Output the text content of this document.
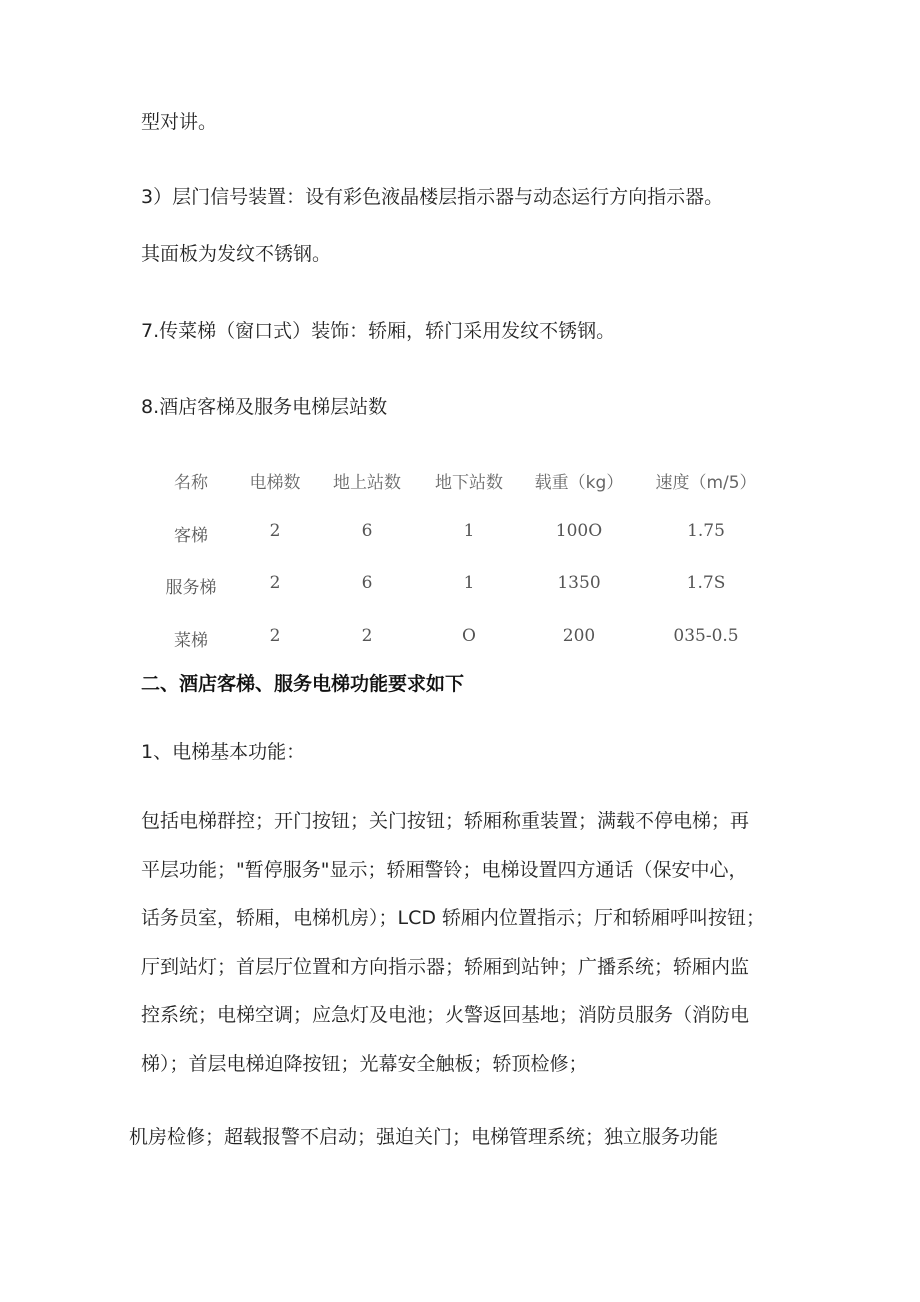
型对讲。
3）层门信号装置：设有彩色液晶楼层指示器与动态运行方向指示器。
其面板为发纹不锈钢。
7.传菜梯（窗口式）装饰：轿厢，轿门采用发纹不锈钢。
8.酒店客梯及服务电梯层站数
名称 电梯数 地上站数 地下站数 载重（kg） 速度（m/5）
客梯	2	6	1	100O	1.75
服务梯	2	6	1	1350	1.7S
菜梯	2	2	O	200	035-0.5
二、酒店客梯、服务电梯功能要求如下
1、电梯基本功能：
包括电梯群控；开门按钮；关门按钮；轿厢称重装置；满载不停电梯；再
平层功能；"暂停服务"显示；轿厢警铃；电梯设置四方通话（保安中心，
话务员室，轿厢，电梯机房）；LCD 轿厢内位置指示；厅和轿厢呼叫按钮；
厅到站灯；首层厅位置和方向指示器；轿厢到站钟；广播系统；轿厢内监
控系统；电梯空调；应急灯及电池；火警返回基地；消防员服务（消防电
梯）；首层电梯迫降按钮；光幕安全触板；轿顶检修；
机房检修；超载报警不启动；强迫关门；电梯管理系统；独立服务功能
